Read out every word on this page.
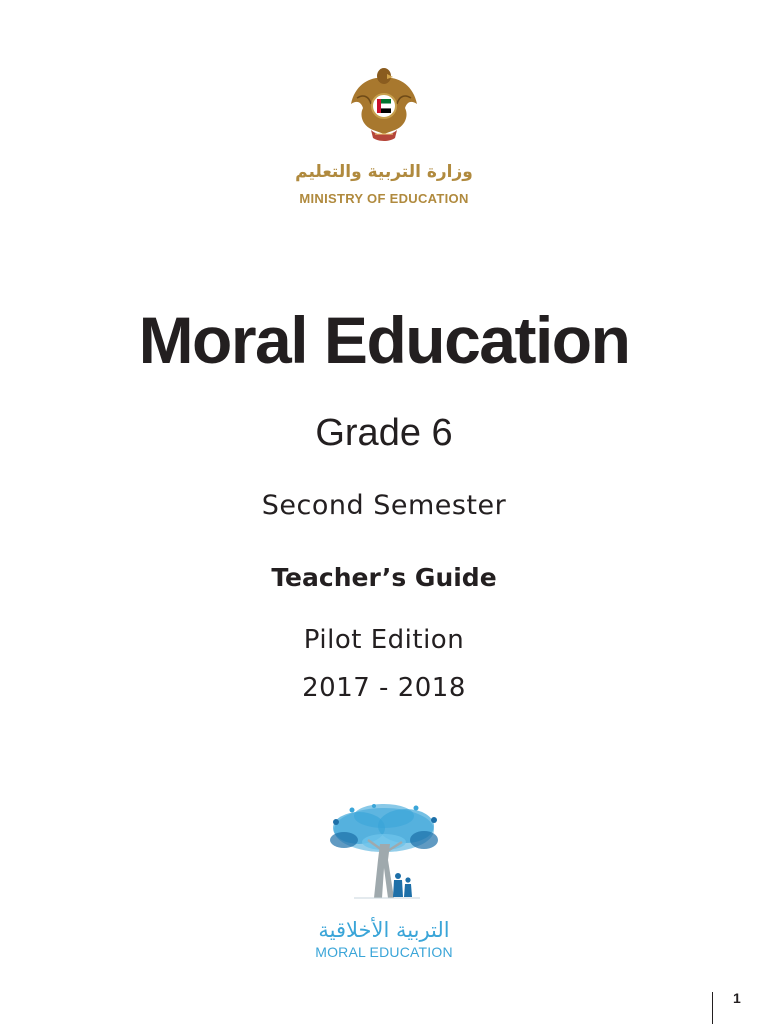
وزارة التربية والتعليم
MINISTRY OF EDUCATION
Moral Education
Grade 6
Second Semester
Teacher’s Guide
Pilot Edition
2017 - 2018
التربية الأخلاقية
MORAL EDUCATION
1
